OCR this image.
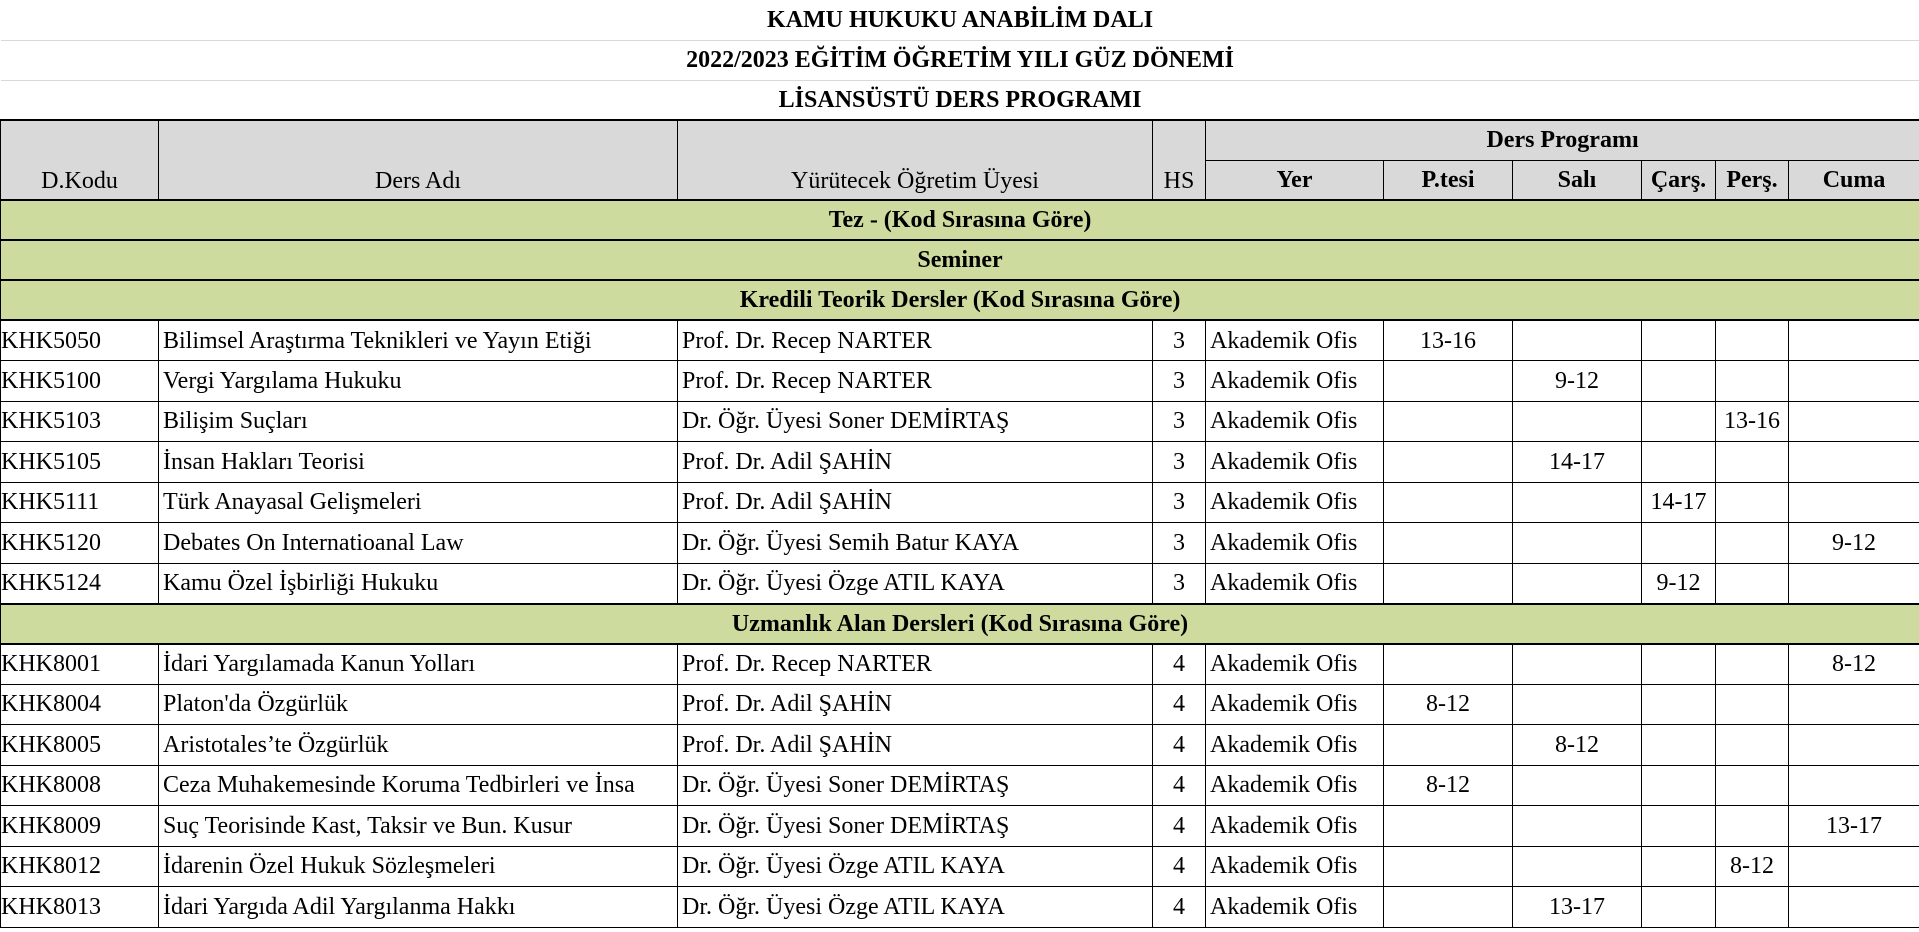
KAMU HUKUKU ANABİLİM DALI									
2022/2023 EĞİTİM ÖĞRETİM YILI GÜZ DÖNEMİ									
LİSANSÜSTÜ DERS PROGRAMI									
D.Kodu	Ders Adı	Yürütecek Öğretim Üyesi	HS	Ders Programı					
				Yer	P.tesi	Salı	Çarş.	Perş.	Cuma
Tez - (Kod Sırasına Göre)									
Seminer									
Kredili Teorik Dersler (Kod Sırasına Göre)									
KHK5050	Bilimsel Araştırma Teknikleri ve Yayın Etiği	Prof. Dr. Recep NARTER	3	Akademik Ofis	13-16				
KHK5100	Vergi Yargılama Hukuku	Prof. Dr. Recep NARTER	3	Akademik Ofis		9-12			
KHK5103	Bilişim Suçları	Dr. Öğr. Üyesi Soner DEMİRTAŞ	3	Akademik Ofis				13-16	
KHK5105	İnsan Hakları Teorisi	Prof. Dr. Adil ŞAHİN	3	Akademik Ofis		14-17			
KHK5111	Türk Anayasal Gelişmeleri	Prof. Dr. Adil ŞAHİN	3	Akademik Ofis			14-17		
KHK5120	Debates On Internatioanal Law	Dr. Öğr. Üyesi Semih Batur KAYA	3	Akademik Ofis					9-12
KHK5124	Kamu Özel İşbirliği Hukuku	Dr. Öğr. Üyesi Özge ATIL KAYA	3	Akademik Ofis			9-12		
Uzmanlık Alan Dersleri (Kod Sırasına Göre)									
KHK8001	İdari Yargılamada Kanun Yolları	Prof. Dr. Recep NARTER	4	Akademik Ofis					8-12
KHK8004	Platon'da Özgürlük	Prof. Dr. Adil ŞAHİN	4	Akademik Ofis	8-12				
KHK8005	Aristotales’te Özgürlük	Prof. Dr. Adil ŞAHİN	4	Akademik Ofis		8-12			
KHK8008	Ceza Muhakemesinde Koruma Tedbirleri ve İnsa	Dr. Öğr. Üyesi Soner DEMİRTAŞ	4	Akademik Ofis	8-12				
KHK8009	Suç Teorisinde Kast, Taksir ve Bun. Kusur	Dr. Öğr. Üyesi Soner DEMİRTAŞ	4	Akademik Ofis					13-17
KHK8012	İdarenin Özel Hukuk Sözleşmeleri	Dr. Öğr. Üyesi Özge ATIL KAYA	4	Akademik Ofis				8-12	
KHK8013	İdari Yargıda Adil Yargılanma Hakkı	Dr. Öğr. Üyesi Özge ATIL KAYA	4	Akademik Ofis		13-17			
